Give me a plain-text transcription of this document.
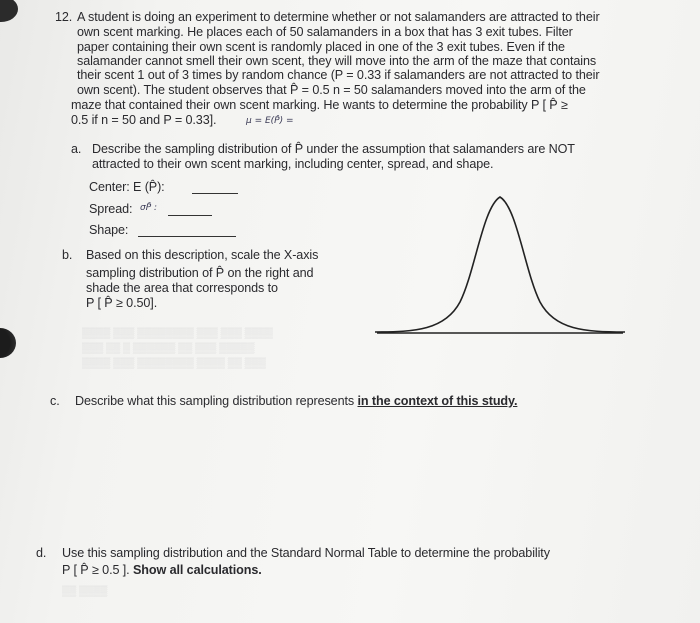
12. A student is doing an experiment to determine whether or not salamanders are attracted to their
own scent marking. He places each of 50 salamanders in a box that has 3 exit tubes. Filter
paper containing their own scent is randomly placed in one of the 3 exit tubes. Even if the
salamander cannot smell their own scent, they will move into the arm of the maze that contains
their scent 1 out of 3 times by random chance (P = 0.33 if salamanders are not attracted to their
own scent). The student observes that P̂ = 0.5 n = 50 salamanders moved into the arm of the
maze that contained their own scent marking. He wants to determine the probability P [ P̂ ≥
0.5 if n = 50 and P = 0.33].	μ = E(P̂) =
a. Describe the sampling distribution of P̂ under the assumption that salamanders are NOT
attracted to their own scent marking, including center, spread, and shape.
Center: E (P̂):
Spread: σP̂ :
Shape:
b. Based on this description, scale the X-axis
sampling distribution of P̂ on the right and
shade the area that corresponds to
P [ P̂ ≥ 0.50].
▒▒▒▒ ▒▒▒ ▒▒▒▒▒▒▒▒ ▒▒▒ ▒▒▒ ▒▒▒▒
▒▒▒ ▒▒ ▒ ▒▒▒▒▒▒ ▒▒ ▒▒▒ ▒▒▒▒▒
▒▒▒▒ ▒▒▒ ▒▒▒▒▒▒▒▒ ▒▒▒▒ ▒▒ ▒▒▒
c. Describe what this sampling distribution represents in the context of this study.
d. Use this sampling distribution and the Standard Normal Table to determine the probability
P [ P̂ ≥ 0.5 ]. Show all calculations.
▒▒ ▒▒▒▒
